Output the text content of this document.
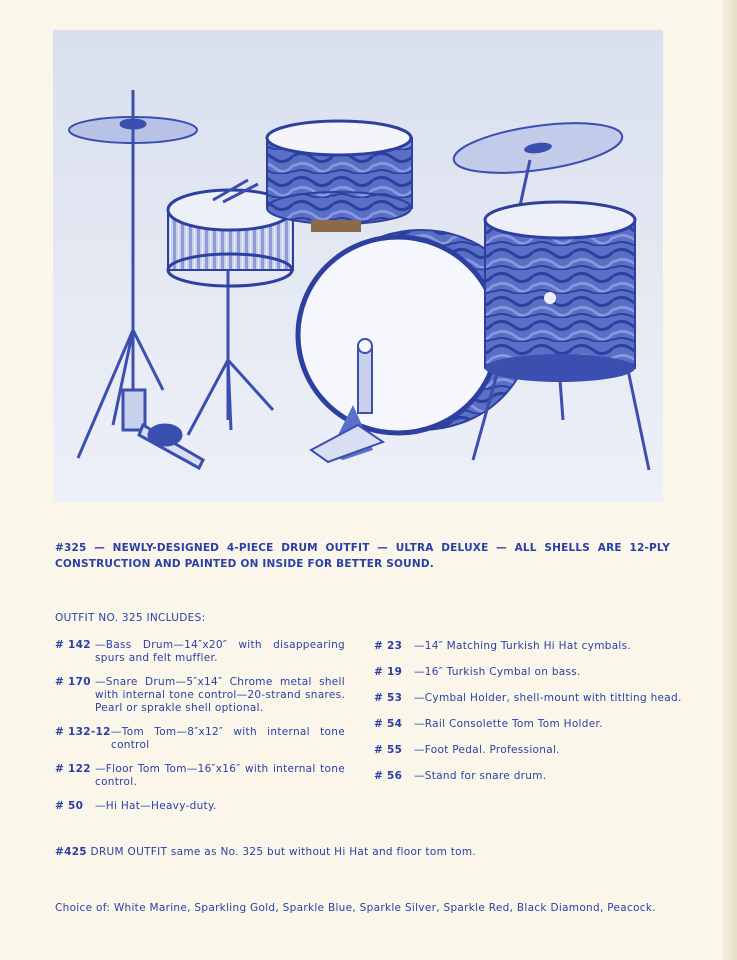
#325 — NEWLY-DESIGNED 4-PIECE DRUM OUTFIT — ULTRA DELUXE — ALL SHELLS ARE 12-PLY CONSTRUCTION AND PAINTED ON INSIDE FOR BETTER SOUND.
OUTFIT NO. 325 INCLUDES:
# 142 —Bass Drum—14″x20″ with disappearing spurs and felt muffler.
# 170 —Snare Drum—5″x14″ Chrome metal shell with internal tone control—20-strand snares. Pearl or sprakle shell optional.
# 132-12 —Tom Tom—8″x12″ with internal tone control
# 122 —Floor Tom Tom—16″x16″ with internal tone control.
# 50 —Hi Hat—Heavy-duty.
# 23 —14″ Matching Turkish Hi Hat cymbals.
# 19 —16″ Turkish Cymbal on bass.
# 53 —Cymbal Holder, shell-mount with titlting head.
# 54 —Rail Consolette Tom Tom Holder.
# 55 —Foot Pedal. Professional.
# 56 —Stand for snare drum.
#425 DRUM OUTFIT same as No. 325 but without Hi Hat and floor tom tom.
Choice of: White Marine, Sparkling Gold, Sparkle Blue, Sparkle Silver, Sparkle Red, Black Diamond, Peacock.
